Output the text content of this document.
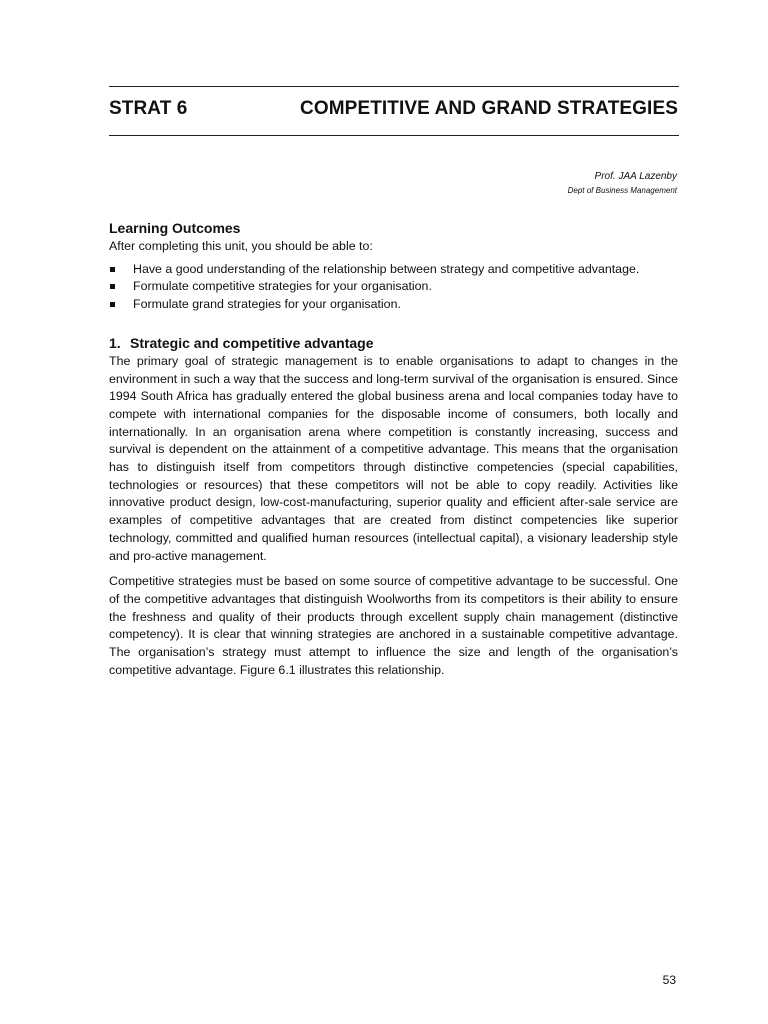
STRAT 6	COMPETITIVE AND GRAND STRATEGIES
Prof. JAA Lazenby
Dept of Business Management
Learning Outcomes

After completing this unit, you should be able to:

Have a good understanding of the relationship between strategy and competitive advantage.
Formulate competitive strategies for your organisation.
Formulate grand strategies for your organisation.
1. Strategic and competitive advantage

The primary goal of strategic management is to enable organisations to adapt to changes in the environment in such a way that the success and long-term survival of the organisation is ensured. Since 1994 South Africa has gradually entered the global business arena and local companies today have to compete with international companies for the disposable income of consumers, both locally and internationally. In an organisation arena where competition is constantly increasing, success and survival is dependent on the attainment of a competitive advantage. This means that the organisation has to distinguish itself from competitors through distinctive competencies (special capabilities, technologies or resources) that these competitors will not be able to copy readily. Activities like innovative product design, low-cost-manufacturing, superior quality and efficient after-sale service are examples of competitive advantages that are created from distinct competencies like superior technology, committed and qualified human resources (intellectual capital), a visionary leadership style and pro-active management.

Competitive strategies must be based on some source of competitive advantage to be successful. One of the competitive advantages that distinguish Woolworths from its competitors is their ability to ensure the freshness and quality of their products through excellent supply chain management (distinctive competency). It is clear that winning strategies are anchored in a sustainable competitive advantage. The organisation’s strategy must attempt to influence the size and length of the organisation’s competitive advantage. Figure 6.1 illustrates this relationship.

53
